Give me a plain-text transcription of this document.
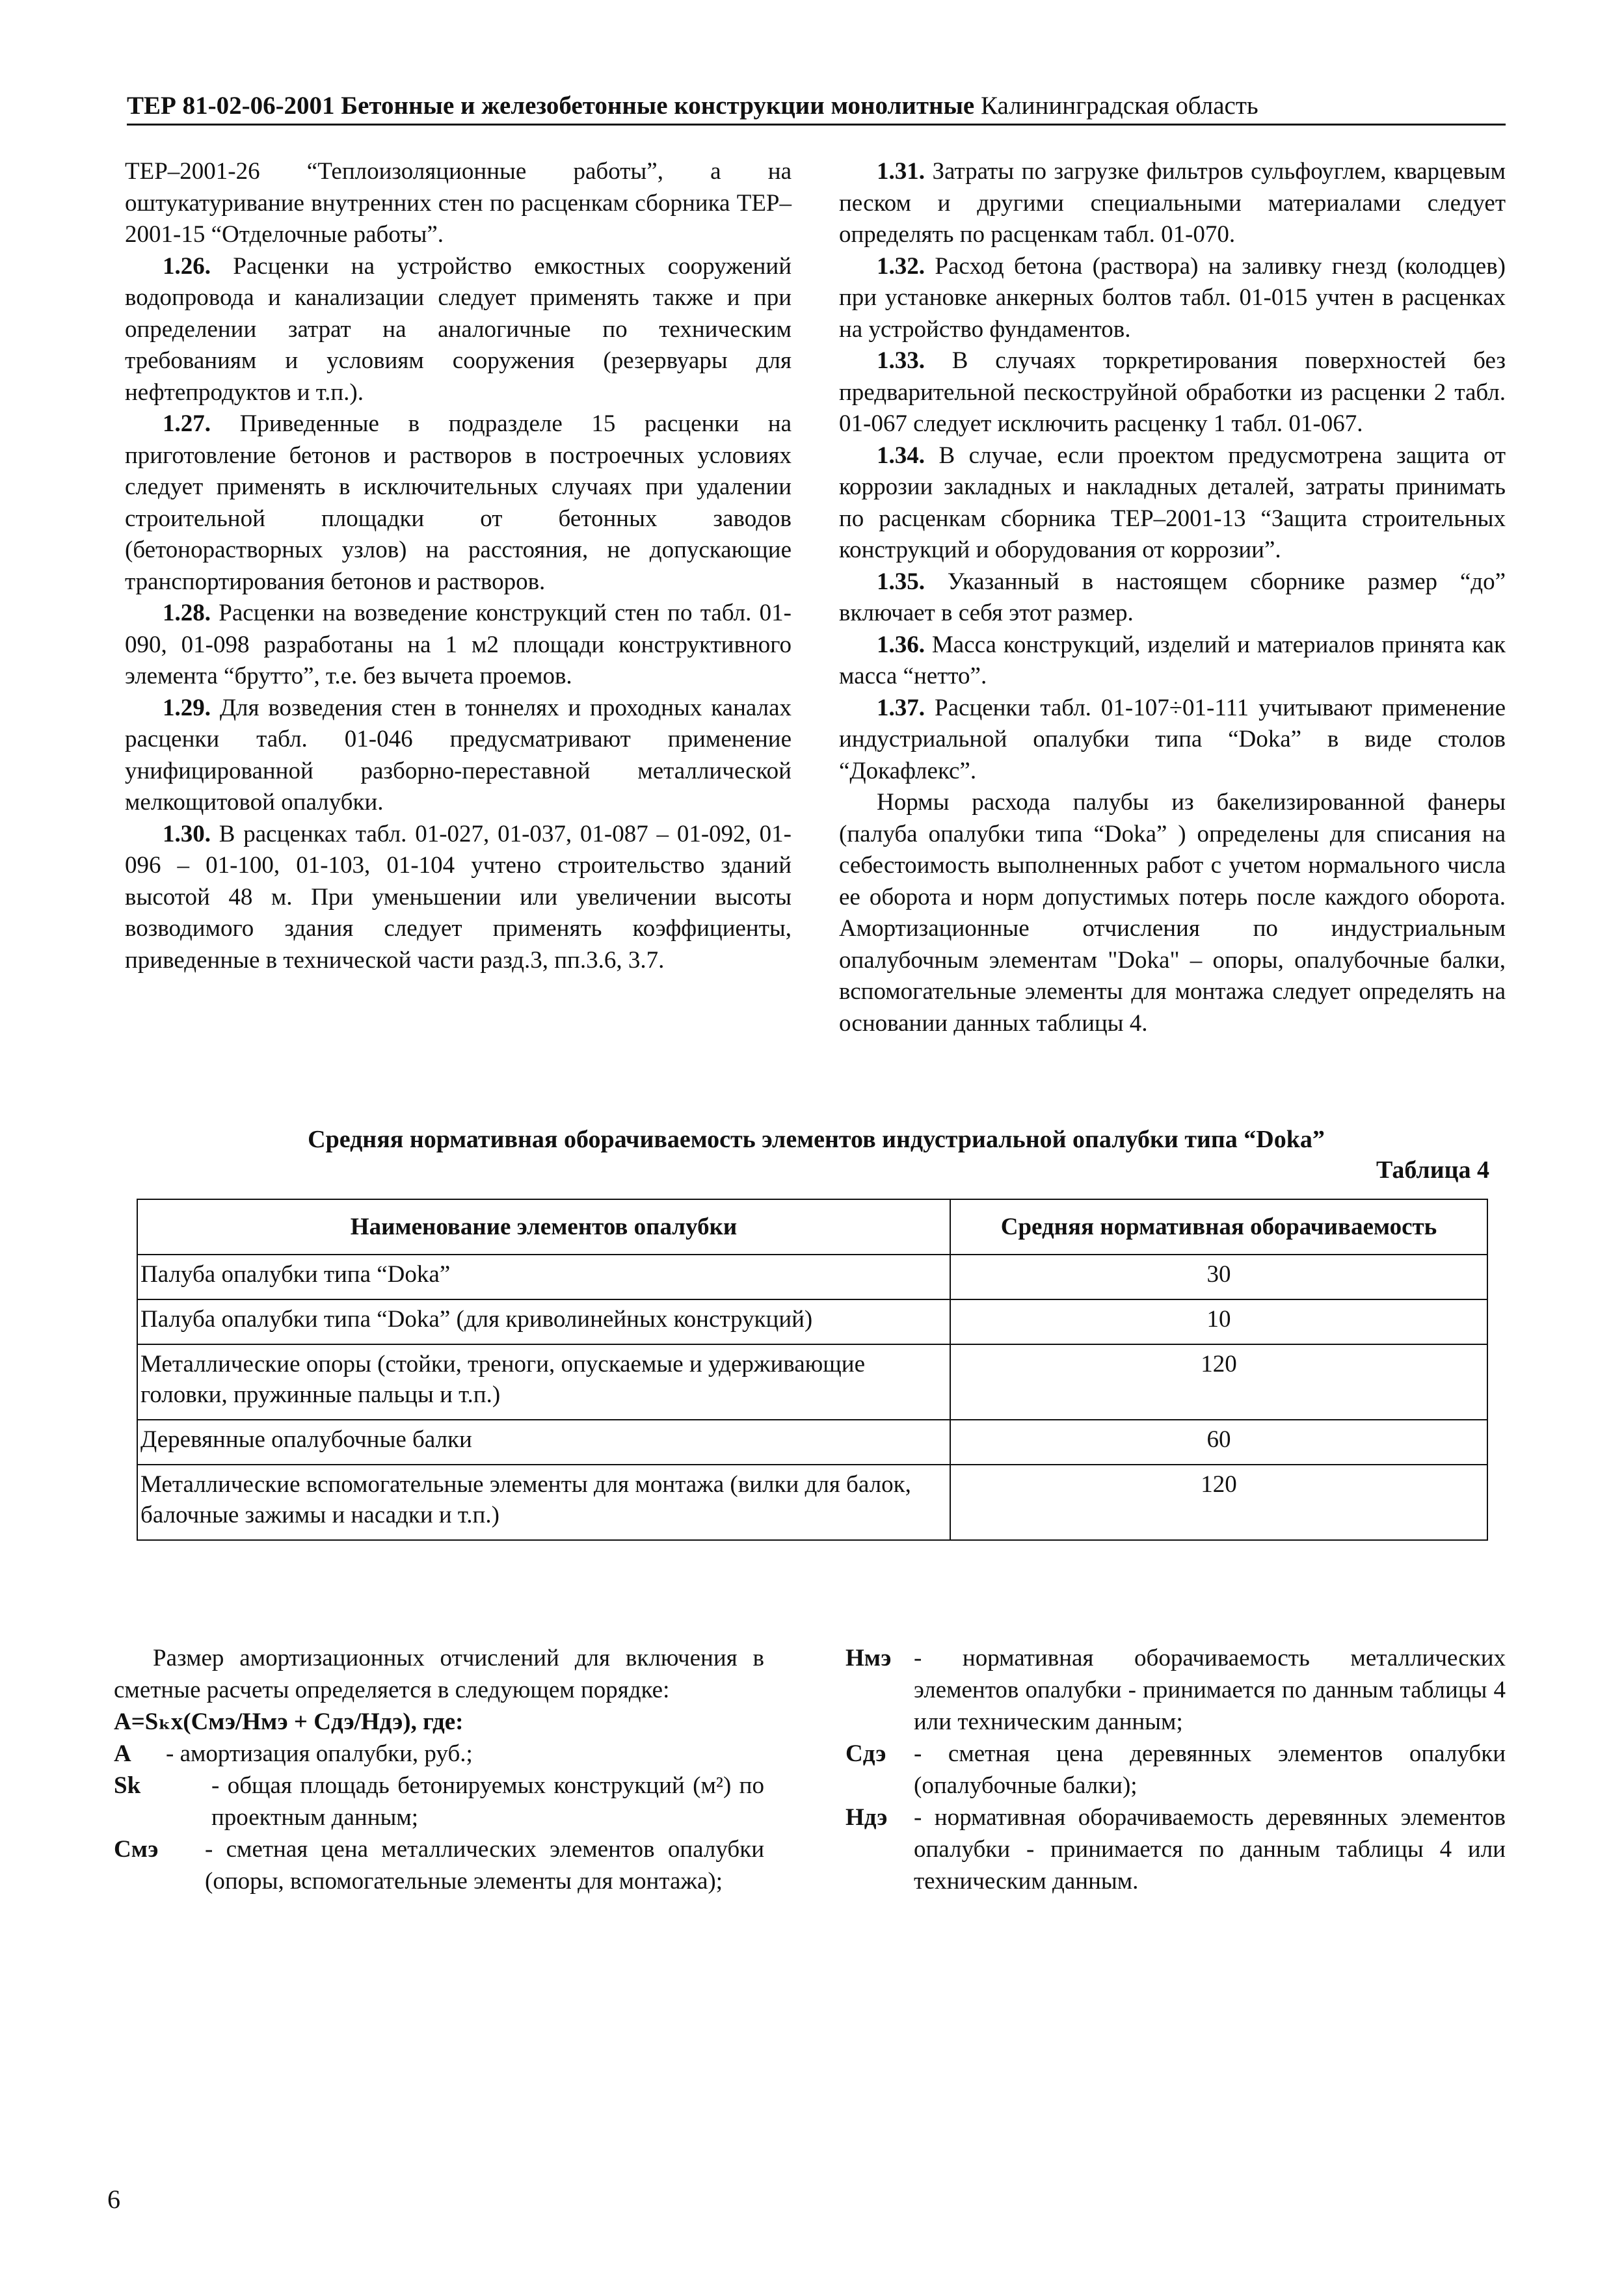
ТЕР 81-02-06-2001 Бетонные и железобетонные конструкции монолитные Калининградская область

ТЕР–2001-26 “Теплоизоляционные работы”, а на оштукатуривание внутренних стен по расценкам сборника ТЕР–2001-15 “Отделочные работы”.

1.26. Расценки на устройство емкостных сооружений водопровода и канализации следует применять также и при определении затрат на аналогичные по техническим требованиям и условиям сооружения (резервуары для нефтепродуктов и т.п.).

1.27. Приведенные в подразделе 15 расценки на приготовление бетонов и растворов в построечных условиях следует применять в исключительных случаях при удалении строительной площадки от бетонных заводов (бетонорастворных узлов) на расстояния, не допускающие транспортирования бетонов и растворов.

1.28. Расценки на возведение конструкций стен по табл. 01-090, 01-098 разработаны на 1 м2 площади конструктивного элемента “брутто”, т.е. без вычета проемов.

1.29. Для возведения стен в тоннелях и проходных каналах расценки табл. 01-046 предусматривают применение унифицированной разборно-переставной металлической мелкощитовой опалубки.

1.30. В расценках табл. 01-027, 01-037, 01-087 – 01-092, 01-096 – 01-100, 01-103, 01-104 учтено строительство зданий высотой 48 м. При уменьшении или увеличении высоты возводимого здания следует применять коэффициенты, приведенные в технической части разд.3, пп.3.6, 3.7.

1.31. Затраты по загрузке фильтров сульфоуглем, кварцевым песком и другими специальными материалами следует определять по расценкам табл. 01-070.

1.32. Расход бетона (раствора) на заливку гнезд (колодцев) при установке анкерных болтов табл. 01-015 учтен в расценках на устройство фундаментов.

1.33. В случаях торкретирования поверхностей без предварительной пескоструйной обработки из расценки 2 табл. 01-067 следует исключить расценку 1 табл. 01-067.

1.34. В случае, если проектом предусмотрена защита от коррозии закладных и накладных деталей, затраты принимать по расценкам сборника ТЕР–2001-13 “Защита строительных конструкций и оборудования от коррозии”.

1.35. Указанный в настоящем сборнике размер “до” включает в себя этот размер.

1.36. Масса конструкций, изделий и материалов принята как масса “нетто”.

1.37. Расценки табл. 01-107÷01-111 учитывают применение индустриальной опалубки типа “Doka” в виде столов “Докафлекс”.

Нормы расхода палубы из бакелизированной фанеры (палуба опалубки типа “Doka” ) определены для списания на себестоимость выполненных работ с учетом нормального числа ее оборота и норм допустимых потерь после каждого оборота. Амортизационные отчисления по индустриальным опалубочным элементам "Doka" – опоры, опалубочные балки, вспомогательные элементы для монтажа следует определять на основании данных таблицы 4.

Средняя нормативная оборачиваемость элементов индустриальной опалубки типа “Doka”
Таблица 4
Наименование элементов опалубки	Средняя нормативная оборачиваемость
Палуба опалубки типа “Doka”	30
Палуба опалубки типа “Doka” (для криволинейных конструкций)	10
Металлические опоры (стойки, треноги, опускаемые и удерживающие головки, пружинные пальцы и т.п.)	120
Деревянные опалубочные балки	60
Металлические вспомогательные элементы для монтажа (вилки для балок, балочные зажимы и насадки и т.п.)	120

Размер амортизационных отчислений для включения в сметные расчеты определяется в следующем порядке:

A=Sₖx(Cмэ/Hмэ + Cдэ/Hдэ), где:

A	- амортизация опалубки, руб.;
Sk	- общая площадь бетонируемых конструкций (м²) по проектным данным;
Cмэ	- сметная цена металлических элементов опалубки (опоры, вспомогательные элементы для монтажа);
Hмэ - нормативная оборачиваемость металлических элементов опалубки - принимается по данным таблицы 4 или техническим данным;
Cдэ	- сметная цена деревянных элементов опалубки (опалубочные балки);
Hдэ	- нормативная оборачиваемость деревянных элементов опалубки - принимается по данным таблицы 4 или техническим данным.
6
